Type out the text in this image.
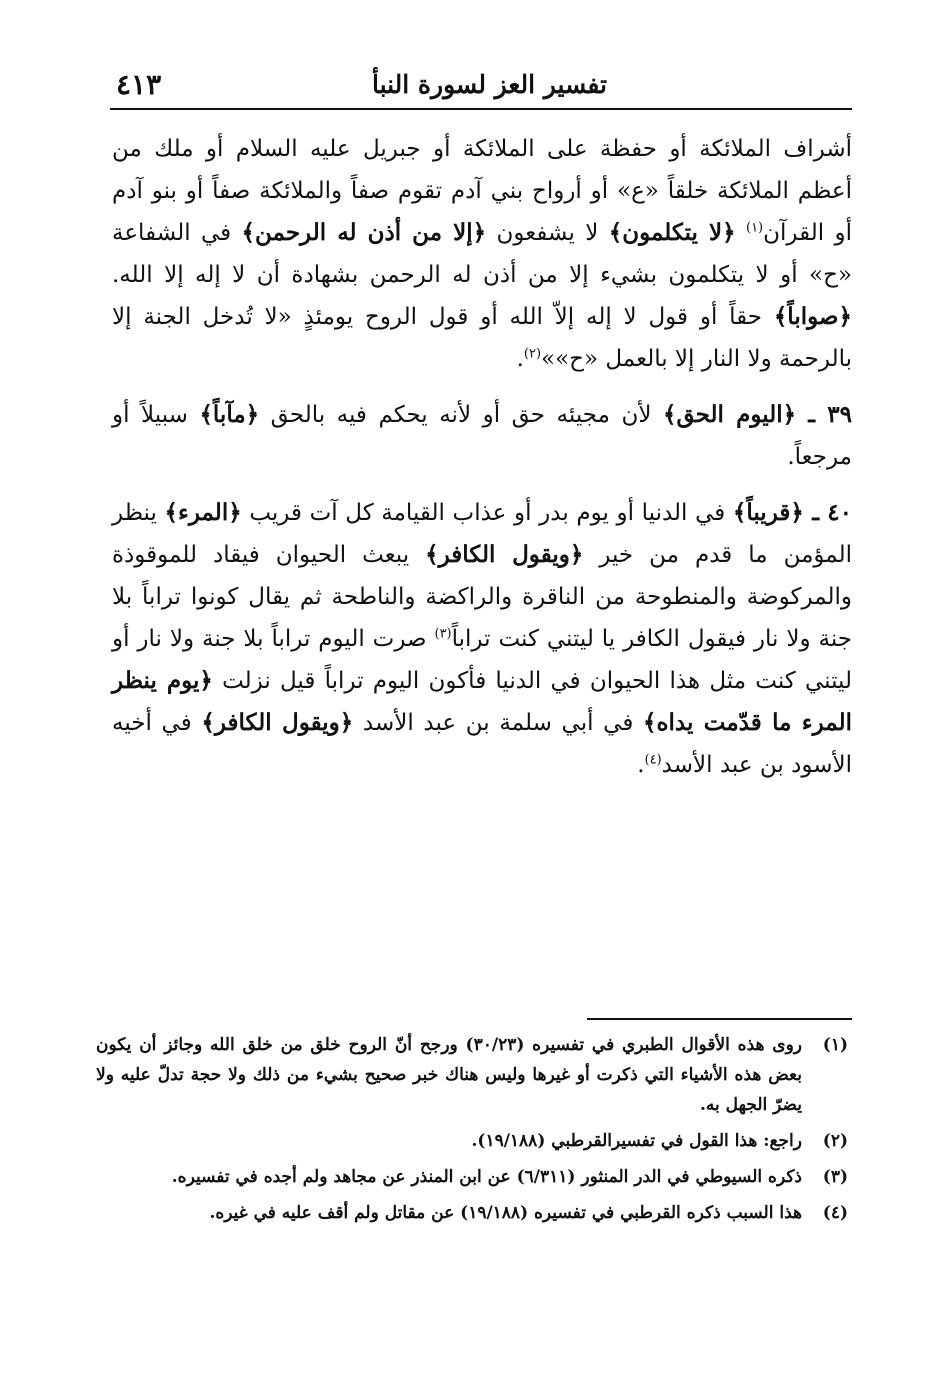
تفسير العز لسورة النبأ
٤١٣

أشراف الملائكة أو حفظة على الملائكة أو جبريل عليه السلام أو ملك من أعظم الملائكة خلقاً «ع» أو أرواح بني آدم تقوم صفاً والملائكة صفاً أو بنو آدم أو القرآن$^{(١)}$ ﴿لا يتكلمون﴾ لا يشفعون ﴿إلا من أذن له الرحمن﴾ في الشفاعة «ح» أو لا يتكلمون بشيء إلا من أذن له الرحمن بشهادة أن لا إله إلا الله. ﴿صواباً﴾ حقاً أو قول لا إله إلاّ الله أو قول الروح يومئذٍ «لا تُدخل الجنة إلا بالرحمة ولا النار إلا بالعمل «ح»»$^{(٢)}$.

٣٩ ـ ﴿اليوم الحق﴾ لأن مجيئه حق أو لأنه يحكم فيه بالحق ﴿مآباً﴾ سبيلاً أو مرجعاً.

٤٠ ـ ﴿قريباً﴾ في الدنيا أو يوم بدر أو عذاب القيامة كل آت قريب ﴿المرء﴾ ينظر المؤمن ما قدم من خير ﴿ويقول الكافر﴾ يبعث الحيوان فيقاد للموقوذة والمركوضة والمنطوحة من الناقرة والراكضة والناطحة ثم يقال كونوا تراباً بلا جنة ولا نار فيقول الكافر يا ليتني كنت تراباً$^{(٣)}$ صرت اليوم تراباً بلا جنة ولا نار أو ليتني كنت مثل هذا الحيوان في الدنيا فأكون اليوم تراباً قيل نزلت ﴿يوم ينظر المرء ما قدّمت يداه﴾ في أبي سلمة بن عبد الأسد ﴿ويقول الكافر﴾ في أخيه الأسود بن عبد الأسد$^{(٤)}$.

(١)
روى هذه الأقوال الطبري في تفسيره (٣٠/٢٣) ورجح أنّ الروح خلق من خلق الله وجائز أن يكون بعض هذه الأشياء التي ذكرت أو غيرها وليس هناك خبر صحيح بشيء من ذلك ولا حجة تدلّ عليه ولا يضرّ الجهل به.
(٢)
راجع: هذا القول في تفسيرالقرطبي (١٩/١٨٨).
(٣)
ذكره السيوطي في الدر المنثور (٦/٣١١) عن ابن المنذر عن مجاهد ولم أجده في تفسيره.
(٤)
هذا السبب ذكره القرطبي في تفسيره (١٩/١٨٨) عن مقاتل ولم أقف عليه في غيره.
